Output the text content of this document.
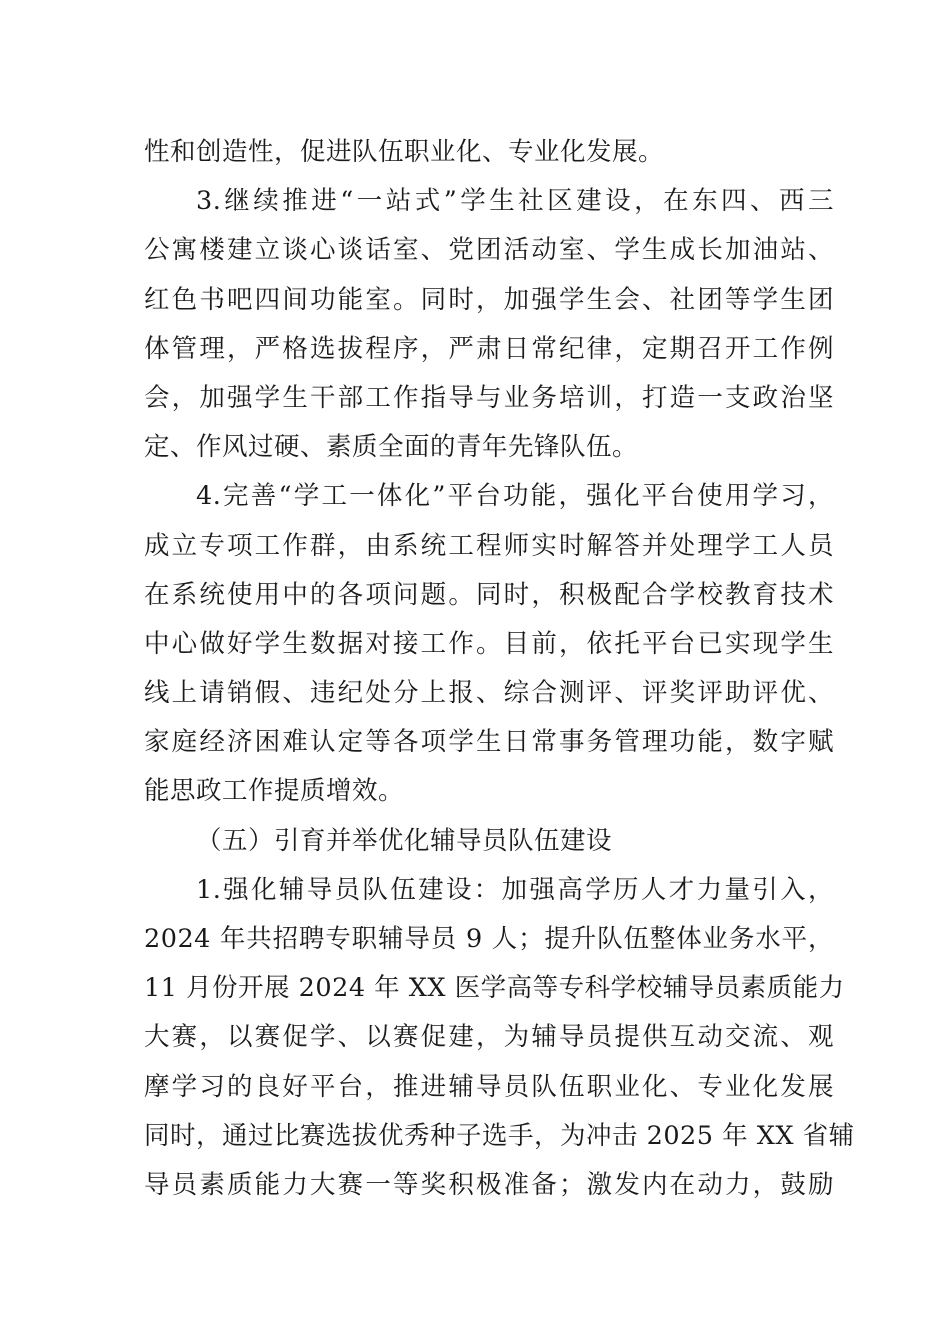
性和创造性，促进队伍职业化、专业化发展。
3.继续推进“一站式”学生社区建设，在东四、西三
公寓楼建立谈心谈话室、党团活动室、学生成长加油站、
红色书吧四间功能室。同时，加强学生会、社团等学生团
体管理，严格选拔程序，严肃日常纪律，定期召开工作例
会，加强学生干部工作指导与业务培训，打造一支政治坚
定、作风过硬、素质全面的青年先锋队伍。
4.完善“学工一体化”平台功能，强化平台使用学习，
成立专项工作群，由系统工程师实时解答并处理学工人员
在系统使用中的各项问题。同时，积极配合学校教育技术
中心做好学生数据对接工作。目前，依托平台已实现学生
线上请销假、违纪处分上报、综合测评、评奖评助评优、
家庭经济困难认定等各项学生日常事务管理功能，数字赋
能思政工作提质增效。
（五）引育并举优化辅导员队伍建设
1.强化辅导员队伍建设：加强高学历人才力量引入，
2024 年共招聘专职辅导员 9 人；提升队伍整体业务水平，
11 月份开展 2024 年 XX 医学高等专科学校辅导员素质能力
大赛，以赛促学、以赛促建，为辅导员提供互动交流、观
摩学习的良好平台，推进辅导员队伍职业化、专业化发展
同时，通过比赛选拔优秀种子选手，为冲击 2025 年 XX 省辅
导员素质能力大赛一等奖积极准备；激发内在动力，鼓励
